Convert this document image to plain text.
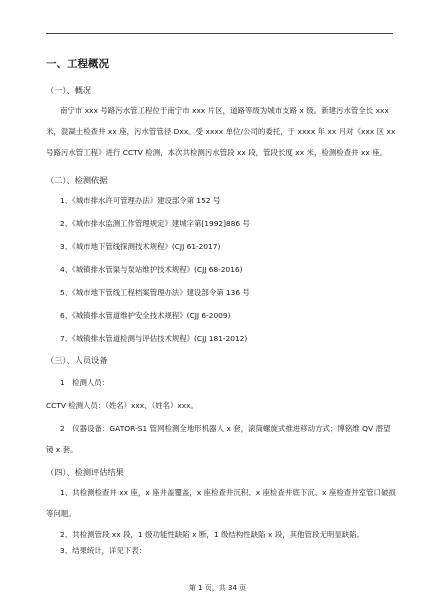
一、工程概况
（一）、概况

南宁市 xxx 号路污水管工程位于南宁市 xxx 片区，道路等级为城市支路 x 级。新建污水管全长 xxx 米，混凝土检查井 xx 座，污水管管径 Dxx。受 xxxx 单位/公司的委托，于 xxxx 年 xx 月对《xxx 区 xx 号路污水管工程》进行 CCTV 检测，本次共检测污水管段 xx 段，管段长度 xx 米，检测检查井 xx 座。

（二）、检测依据
1、《城市排水许可管理办法》建设部令第 152 号
2、《城市排水监测工作管理规定》建城字第[1992]886 号
3、《城市地下管线探测技术规程》(CJJ 61-2017)
4、《城镇排水管渠与泵站维护技术规程》(CJJ 68-2016)
5、《城市地下管线工程档案管理办法》建设部令第 136 号
6、《城镇排水管道维护安全技术规程》(CJJ 6-2009)
7、《城镇排水管道检测与评估技术规程》(CJJ 181-2012)
（三）、人员设备
1　检测人员：
CCTV 检测人员：（姓名）xxx、（姓名）xxx。

2　仪器设备：GATOR-S1 管网检测全地形机器人 x 套，滚筒螺旋式推进移动方式；博铭维 QV 潜望镜 x 套。

（四）、检测评估结果

1、共检测检查井 xx 座，x 座井盖覆盖，x 座检查井沉积、x 座检查井底下沉、x 座检查井室管口破损等问题。

2、共检测管段 xx 段，1 级功能性缺陷 x 断，1 级结构性缺陷 x 段，其他管段无明显缺陷。

3、结果统计，详见下表：
第 1 页，共 34 页
